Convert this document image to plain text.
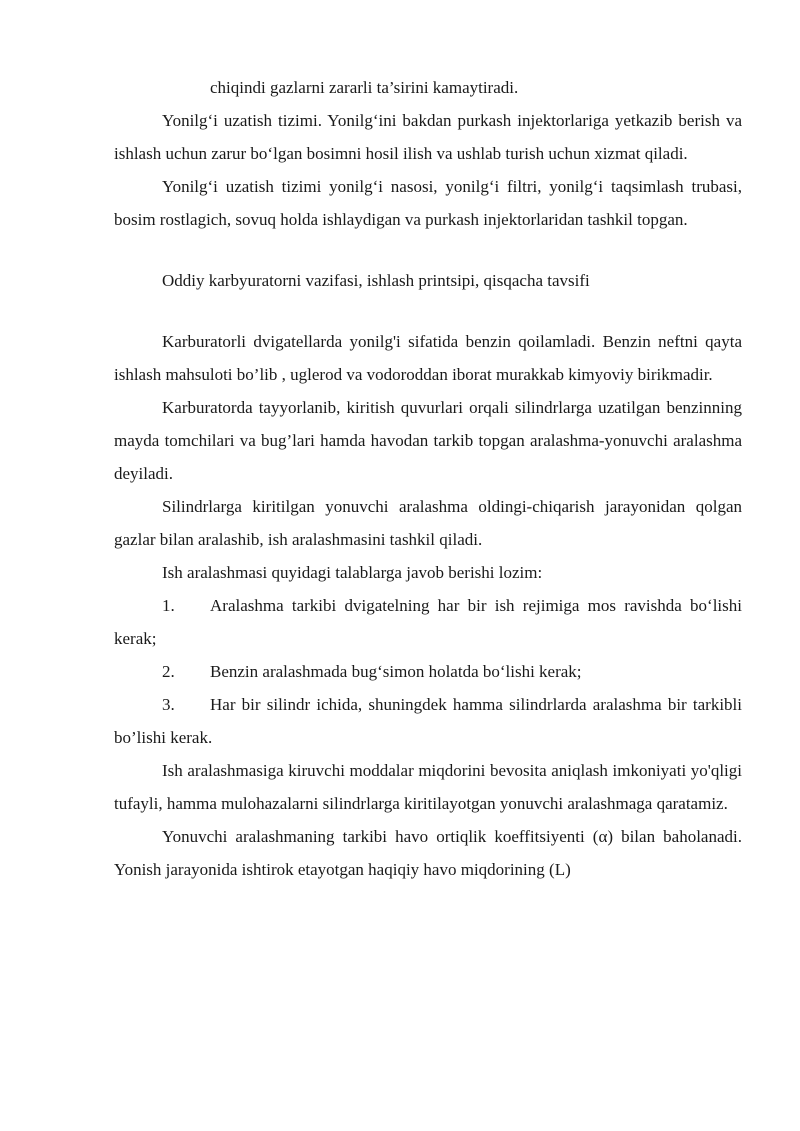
chiqindi gazlarni zararli ta’sirini kamaytiradi.

Yonilg‘i uzatish tizimi. Yonilg‘ini bakdan purkash injektorlariga yetkazib berish va ishlash uchun zarur bo‘lgan bosimni hosil ilish va ushlab turish uchun xizmat qiladi.

Yonilg‘i uzatish tizimi yonilg‘i nasosi, yonilg‘i filtri, yonilg‘i taqsimlash trubasi, bosim rostlagich, sovuq holda ishlaydigan va purkash injektorlaridan tashkil topgan.

Oddiy karbyuratorni vazifasi, ishlash printsipi, qisqacha tavsifi

Karburatorli dvigatellarda yonilg'i sifatida benzin qoilamladi. Benzin neftni qayta ishlash mahsuloti bo’lib , uglerod va vodoroddan iborat murakkab kimyoviy birikmadir.

Karburatorda tayyorlanib, kiritish quvurlari orqali silindrlarga uzatilgan benzinning mayda tomchilari va bug’lari hamda havodan tarkib topgan aralashma-yonuvchi aralashma deyiladi.

Silindrlarga kiritilgan yonuvchi aralashma oldingi-chiqarish jarayonidan qolgan gazlar bilan aralashib, ish aralashmasini tashkil qiladi.

Ish aralashmasi quyidagi talablarga javob berishi lozim:

1. Aralashma tarkibi dvigatelning har bir ish rejimiga mos ravishda bo‘lishi kerak;

2. Benzin aralashmada bug‘simon holatda bo‘lishi kerak;

3. Har bir silindr ichida, shuningdek hamma silindrlarda aralashma bir tarkibli bo’lishi kerak.

Ish aralashmasiga kiruvchi moddalar miqdorini bevosita aniqlash imkoniyati yo'qligi tufayli, hamma mulohazalarni silindrlarga kiritilayotgan yonuvchi aralashmaga qaratamiz.

Yonuvchi aralashmaning tarkibi havo ortiqlik koeffitsiyenti (α) bilan baholanadi. Yonish jarayonida ishtirok etayotgan haqiqiy havo miqdorining (L)
